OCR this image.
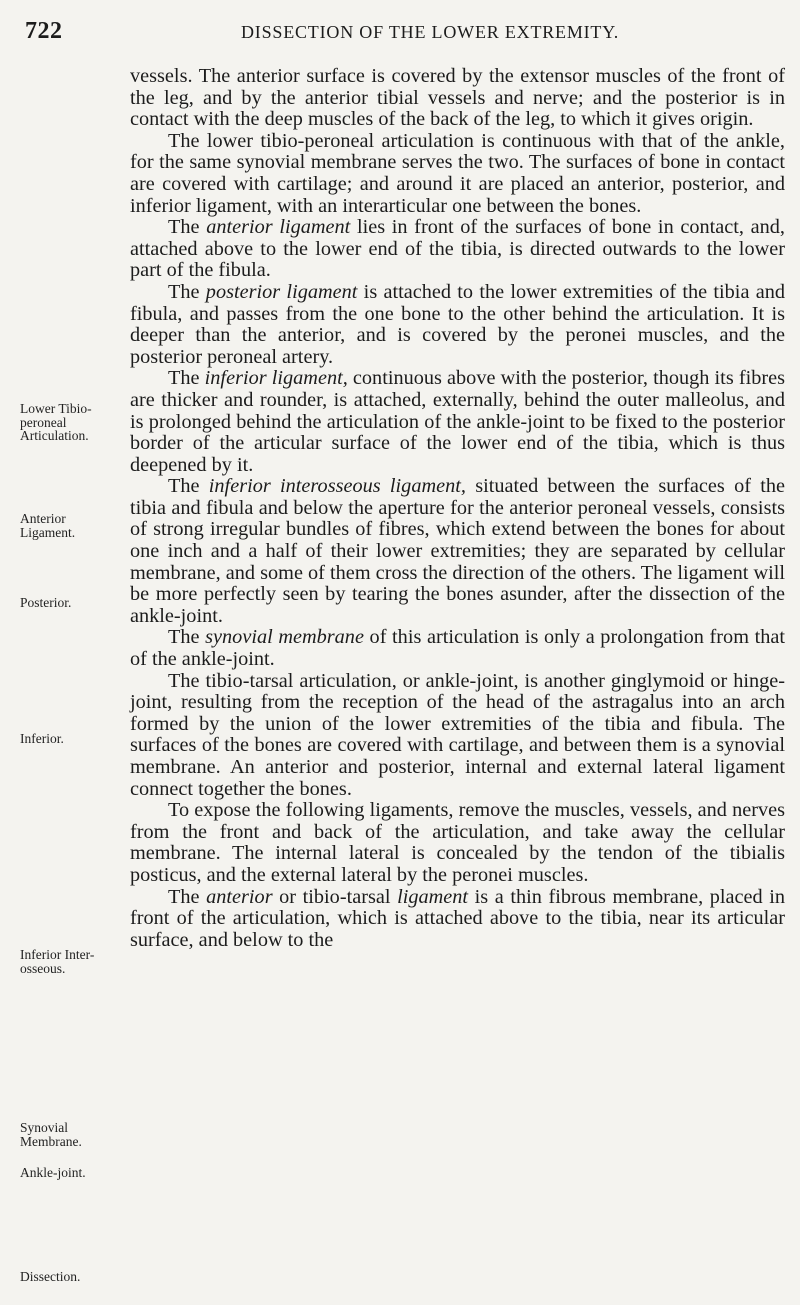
722	DISSECTION OF THE LOWER EXTREMITY.
Lower Tibio-peroneal Articulation.
Anterior Ligament.
Posterior.
Inferior.
Inferior Inter-osseous.
Synovial Membrane.
Ankle-joint.
Dissection.

vessels. The anterior surface is covered by the extensor muscles of the front of the leg, and by the anterior tibial vessels and nerve; and the posterior is in contact with the deep muscles of the back of the leg, to which it gives origin.

The lower tibio-peroneal articulation is continuous with that of the ankle, for the same synovial membrane serves the two. The surfaces of bone in contact are covered with cartilage; and around it are placed an anterior, posterior, and inferior ligament, with an interarticular one between the bones.

The anterior ligament lies in front of the surfaces of bone in contact, and, attached above to the lower end of the tibia, is directed outwards to the lower part of the fibula.

The posterior ligament is attached to the lower extremities of the tibia and fibula, and passes from the one bone to the other behind the articulation. It is deeper than the anterior, and is covered by the peronei muscles, and the posterior peroneal artery.

The inferior ligament, continuous above with the posterior, though its fibres are thicker and rounder, is attached, externally, behind the outer malleolus, and is prolonged behind the articulation of the ankle-joint to be fixed to the posterior border of the articular surface of the lower end of the tibia, which is thus deepened by it.

The inferior interosseous ligament, situated between the surfaces of the tibia and fibula and below the aperture for the anterior peroneal vessels, consists of strong irregular bundles of fibres, which extend between the bones for about one inch and a half of their lower extremities; they are separated by cellular membrane, and some of them cross the direction of the others. The ligament will be more perfectly seen by tearing the bones asunder, after the dissection of the ankle-joint.

The synovial membrane of this articulation is only a prolongation from that of the ankle-joint.

The tibio-tarsal articulation, or ankle-joint, is another ginglymoid or hinge-joint, resulting from the reception of the head of the astragalus into an arch formed by the union of the lower extremities of the tibia and fibula. The surfaces of the bones are covered with cartilage, and between them is a synovial membrane. An anterior and posterior, internal and external lateral ligament connect together the bones.

To expose the following ligaments, remove the muscles, vessels, and nerves from the front and back of the articulation, and take away the cellular membrane. The internal lateral is concealed by the tendon of the tibialis posticus, and the external lateral by the peronei muscles.

The anterior or tibio-tarsal ligament is a thin fibrous membrane, placed in front of the articulation, which is attached above to the tibia, near its articular surface, and below to the
